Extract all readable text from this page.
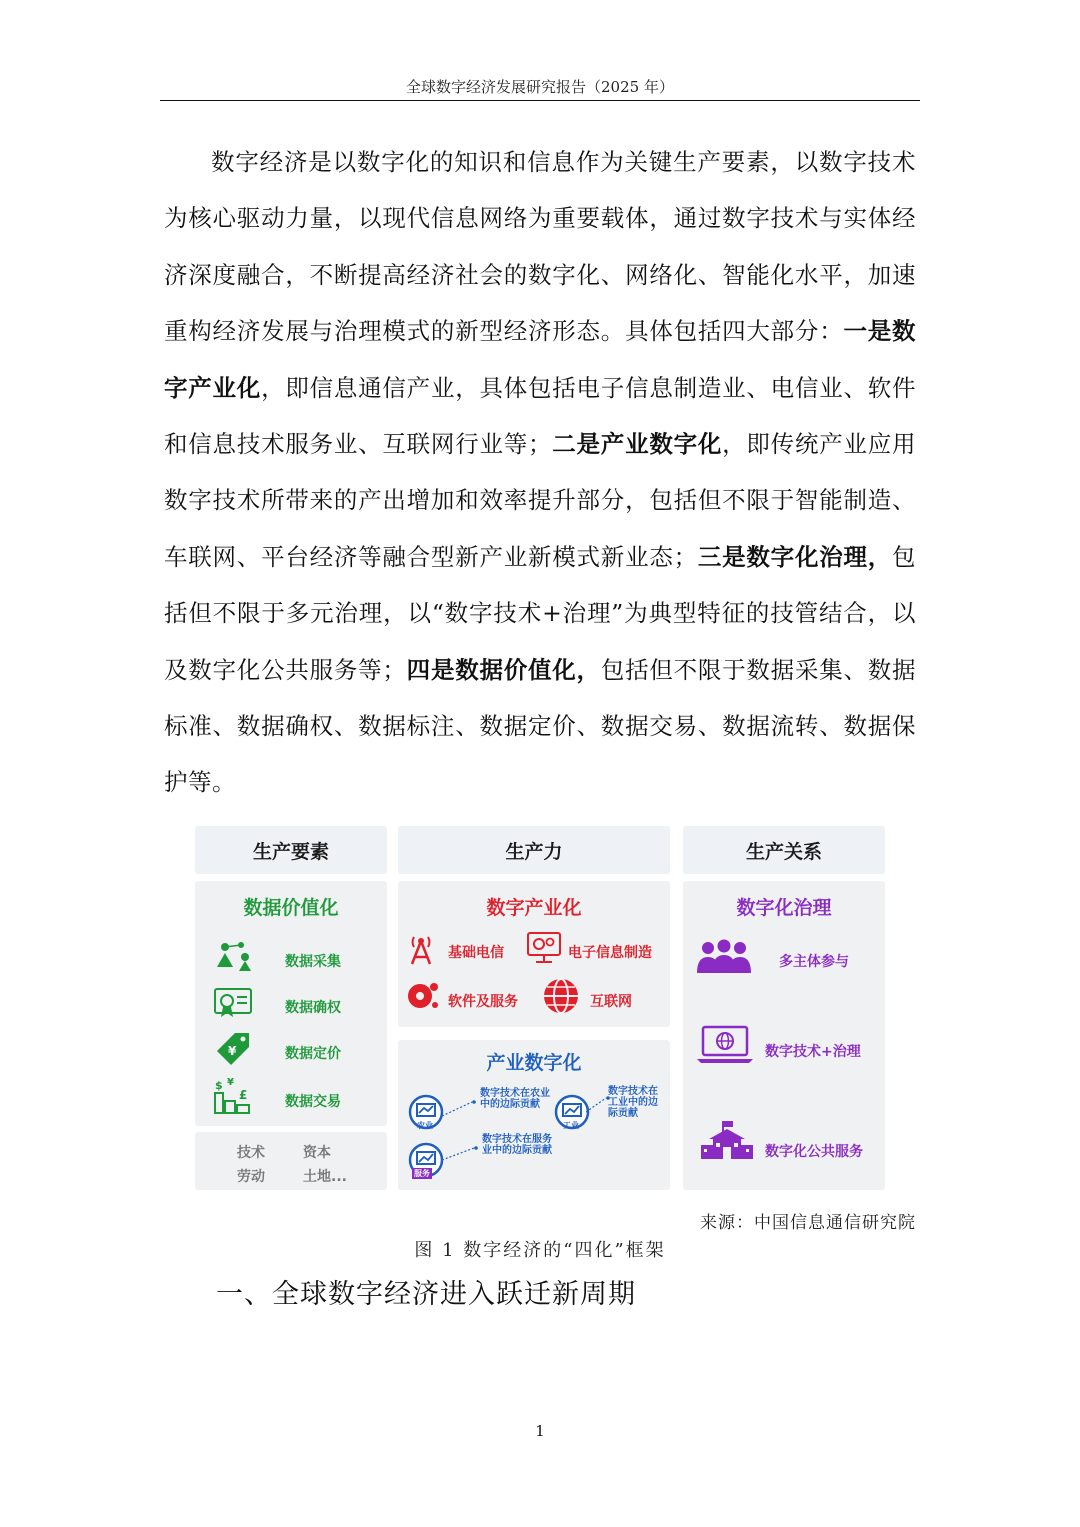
全球数字经济发展研究报告（2025 年）

数字经济是以数字化的知识和信息作为关键生产要素，以数字技术为核心驱动力量，以现代信息网络为重要载体，通过数字技术与实体经济深度融合，不断提高经济社会的数字化、网络化、智能化水平，加速重构经济发展与治理模式的新型经济形态。具体包括四大部分：一是数字产业化，即信息通信产业，具体包括电子信息制造业、电信业、软件和信息技术服务业、互联网行业等；二是产业数字化，即传统产业应用数字技术所带来的产出增加和效率提升部分，包括但不限于智能制造、车联网、平台经济等融合型新产业新模式新业态；三是数字化治理，包括但不限于多元治理，以“数字技术+治理”为典型特征的技管结合，以及数字化公共服务等；四是数据价值化，包括但不限于数据采集、数据标准、数据确权、数据标注、数据定价、数据交易、数据流转、数据保护等。

生产要素	生产力	生产关系
数据价值化
数据采集
数据确权
¥	数据定价
$ ¥
£	数据交易
技术	资本
劳动	土地...
数字产业化
基础电信	电子信息制造
软件及服务	互联网
产业数字化
农业
数字技术在农业中的边际贡献
工业
数字技术在工业中的边际贡献
服务
数字技术在服务业中的边际贡献
数字化治理
多主体参与
数字技术+治理
数字化公共服务
来源：中国信息通信研究院
图 1 数字经济的“四化”框架
一、全球数字经济进入跃迁新周期
1
